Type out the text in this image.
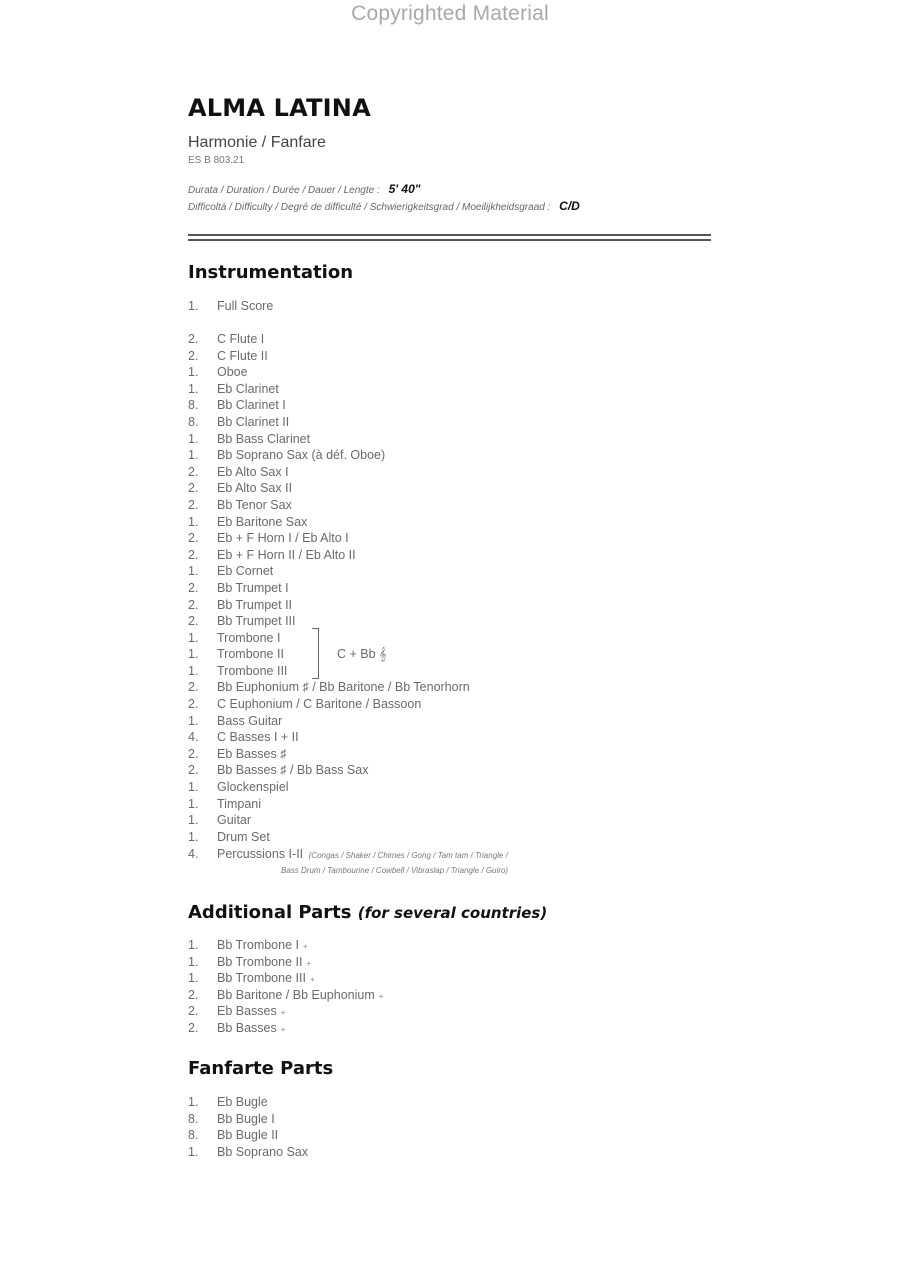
Copyrighted Material
ALMA LATINA
Harmonie / Fanfare
ES B 803.21
Durata / Duration / Durée / Dauer / Lengte : 5' 40"
Difficoltà / Difficulty / Degré de difficulté / Schwierigkeitsgrad / Moeilijkheidsgraad : C/D
Instrumentation
1. Full Score
2. C Flute I
2. C Flute II
1. Oboe
1. Eb Clarinet
8. Bb Clarinet I
8. Bb Clarinet II
1. Bb Bass Clarinet
1. Bb Soprano Sax (à déf. Oboe)
2. Eb Alto Sax I
2. Eb Alto Sax II
2. Bb Tenor Sax
1. Eb Baritone Sax
2. Eb + F Horn I / Eb Alto I
2. Eb + F Horn II / Eb Alto II
1. Eb Cornet
2. Bb Trumpet I
2. Bb Trumpet II
2. Bb Trumpet III
1. Trombone I
1. Trombone II
1. Trombone III
2. Bb Euphonium ♯ / Bb Baritone / Bb Tenorhorn
2. C Euphonium / C Baritone / Bassoon
1. Bass Guitar
4. C Basses I + II
2. Eb Basses ♯
2. Bb Basses ♯ / Bb Bass Sax
1. Glockenspiel
1. Timpani
1. Guitar
1. Drum Set
C + Bb 𝄞
4. Percussions I-II (Congas / Shaker / Chimes / Gong / Tam tam / Triangle /
Bass Drum / Tambourine / Cowbell / Vibraslap / Triangle / Guiro)
Additional Parts (for several countries)
1. Bb Trombone I +
1. Bb Trombone II +
1. Bb Trombone III +
2. Bb Baritone / Bb Euphonium +
2. Eb Basses +
2. Bb Basses +
Fanfarte Parts
1. Eb Bugle
8. Bb Bugle I
8. Bb Bugle II
1. Bb Soprano Sax
